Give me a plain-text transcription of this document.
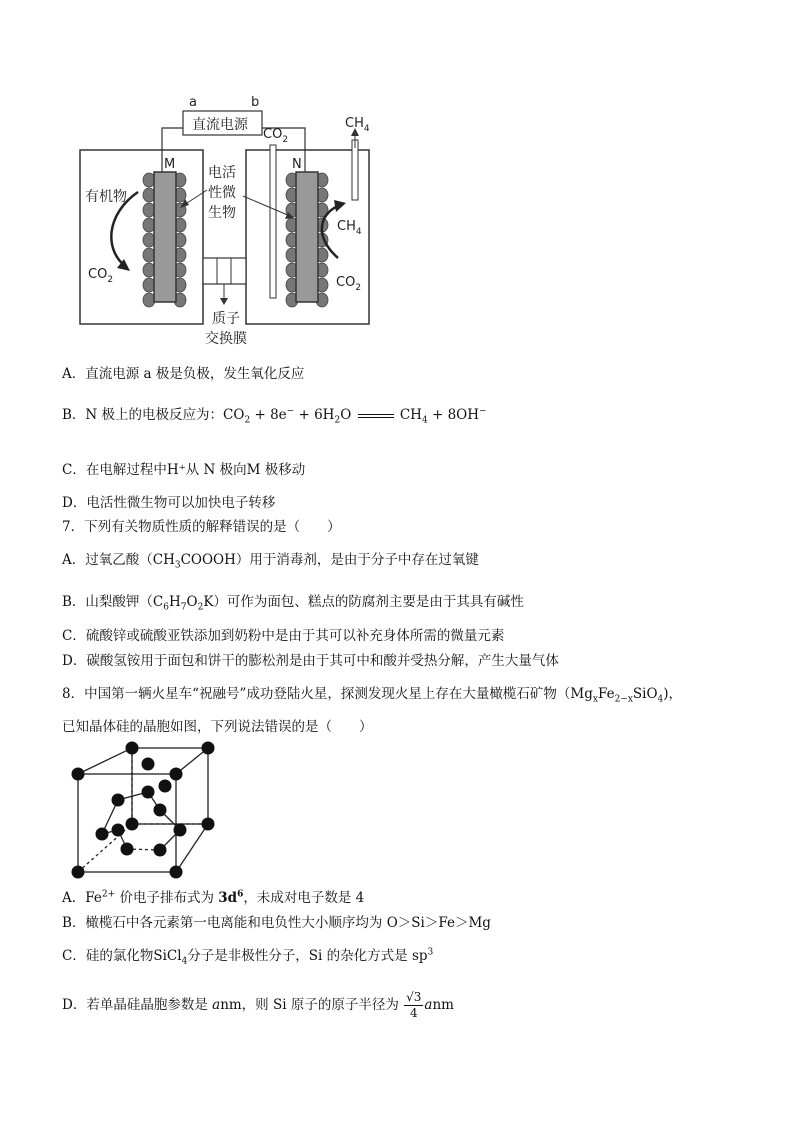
a	b
直流电源
M	N
有机物
$CO_2$
$CO_2$
$CH_4$
$CH_4$
$CO_2$
电活
性微
生物
质子
交换膜
A．直流电源 a 极是负极，发生氧化反应
B．N 极上的电极反应为：$CO_2 + 8e^- + 6H_2O$	$CH_4 + 8OH^-$
C．在电解过程中H⁺从 N 极向M 极移动
D．电活性微生物可以加快电子转移
7．下列有关物质性质的解释错误的是（　　）
A．过氧乙酸$(CH_3COOOH)$用于消毒剂，是由于分子中存在过氧键
B．山梨酸钾$(C_6H_7O_2K)$可作为面包、糕点的防腐剂主要是由于其具有碱性
C．硫酸锌或硫酸亚铁添加到奶粉中是由于其可以补充身体所需的微量元素
D．碳酸氢铵用于面包和饼干的膨松剂是由于其可中和酸并受热分解，产生大量气体
8．中国第一辆火星车“祝融号”成功登陆火星，探测发现火星上存在大量橄榄石矿物$(Mg_xFe_{2-x}SiO_4)$，
已知晶体硅的晶胞如图，下列说法错误的是（　　）
A．$Fe^{2+}$ 价电子排布式为 $3d^6$，未成对电子数是 4
B．橄榄石中各元素第一电离能和电负性大小顺序均为 O＞Si＞Fe＞Mg
C．硅的氯化物SiCl$_4$分子是非极性分子，Si 的杂化方式是 $sp^3$
D．若单晶硅晶胞参数是 anm，则 Si 原子的原子半径为 $\frac{√3}{4}$ anm
